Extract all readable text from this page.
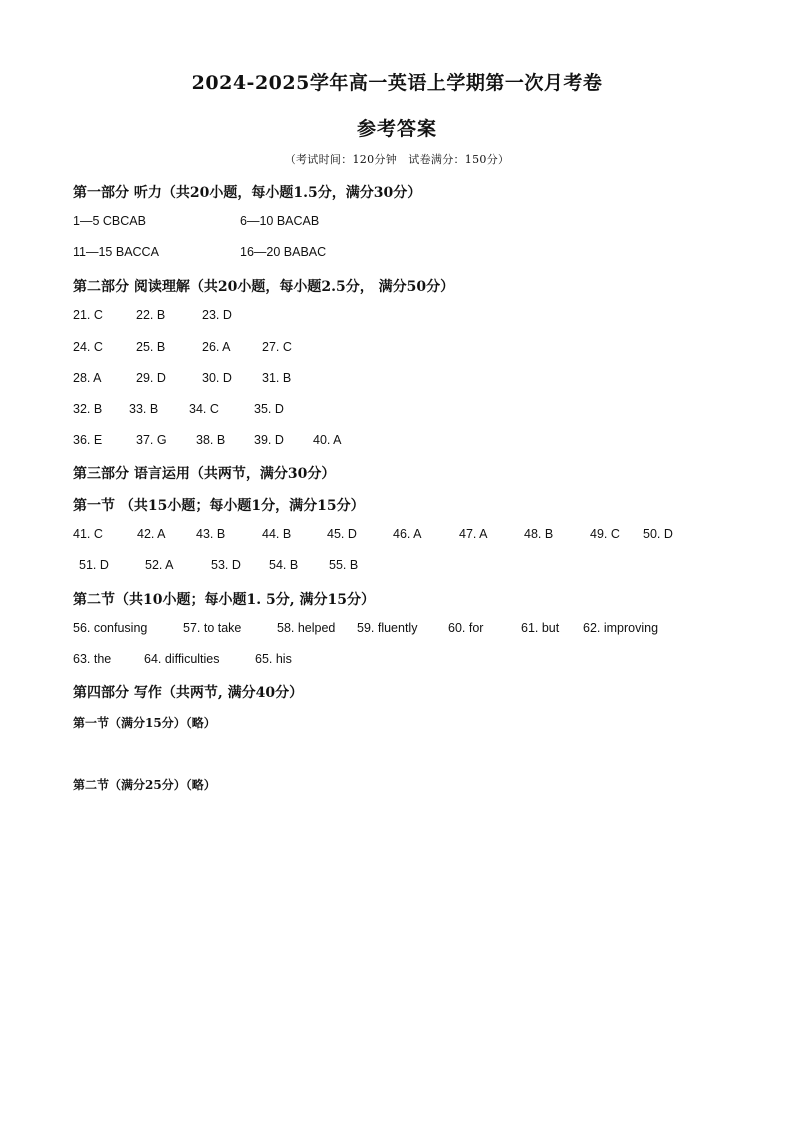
2024-2025学年高一英语上学期第一次月考卷
参考答案
（考试时间：120分钟　试卷满分：150分）
第一部分 听力（共20小题，每小题1.5分，满分30分）
1—5 CBCAB	6—10 BACAB
11—15 BACCA	16—20 BABAC
第二部分 阅读理解（共20小题，每小题2.5分， 满分50分）
21. C	22. B	23. D
24. C	25. B	26. A	27. C
28. A	29. D	30. D 31. B
32. B 33. B 34. C	35. D
36. E	37. G 38. B 39. D 40. A
第三部分 语言运用（共两节，满分30分）
第一节 （共15小题；每小题1分，满分15分）
41. C	42. A 43. B	44. B	45. D	46. A	47. A	48. B	49. C 50. D
51. D	52. A	53. D 54. B 55. B
第二节（共10小题；每小题1. 5分, 满分15分）
56. confusing	57. to take	58. helped 59. fluently 60. for	61. but 62. improving
63. the	64. difficulties	65. his
第四部分 写作（共两节, 满分40分）
第一节（满分15分）（略）
第二节（满分25分）（略）
